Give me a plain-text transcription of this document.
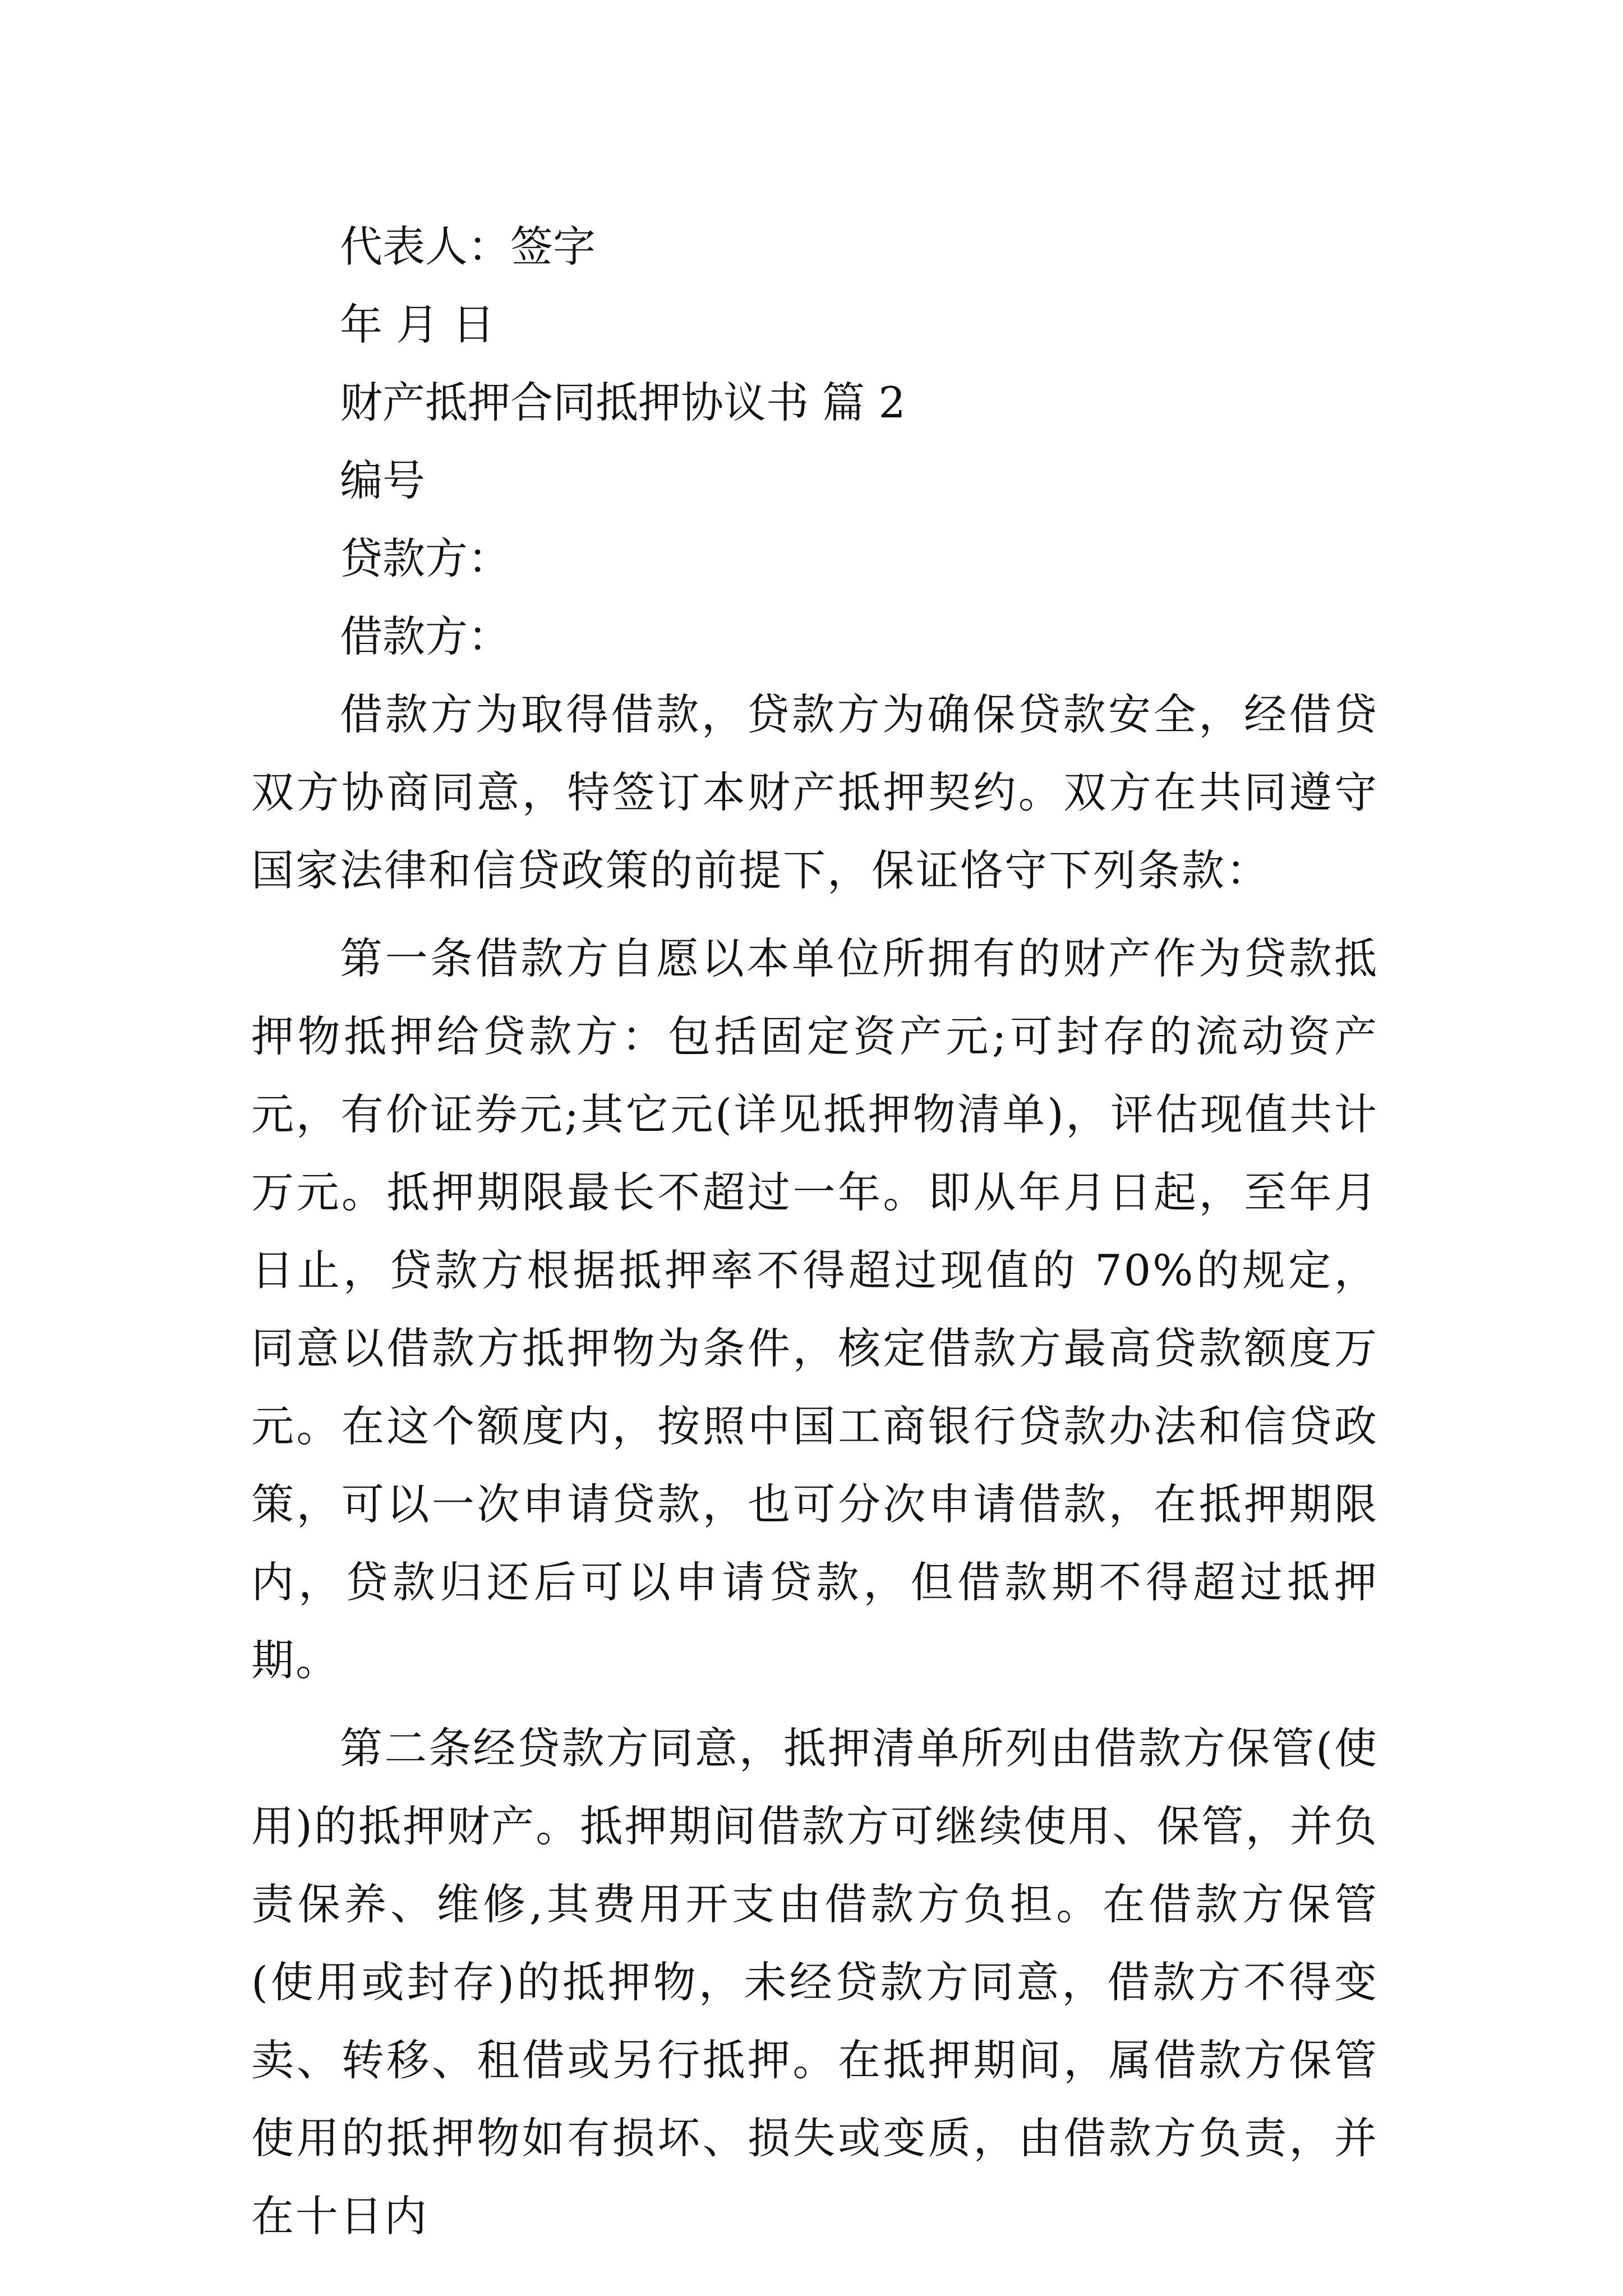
代表人：签字

年 月 日

财产抵押合同抵押协议书 篇 2

编号

贷款方：

借款方：

借款方为取得借款，贷款方为确保贷款安全，经借贷双方协商同意，特签订本财产抵押契约。双方在共同遵守国家法律和信贷政策的前提下，保证恪守下列条款：

第一条借款方自愿以本单位所拥有的财产作为贷款抵押物抵押给贷款方：包括固定资产元;可封存的流动资产元，有价证券元;其它元(详见抵押物清单)，评估现值共计万元。抵押期限最长不超过一年。即从年月日起，至年月日止，贷款方根据抵押率不得超过现值的 70%的规定，同意以借款方抵押物为条件，核定借款方最高贷款额度万元。在这个额度内，按照中国工商银行贷款办法和信贷政策，可以一次申请贷款，也可分次申请借款，在抵押期限内，贷款归还后可以申请贷款，但借款期不得超过抵押期。

第二条经贷款方同意，抵押清单所列由借款方保管(使用)的抵押财产。抵押期间借款方可继续使用、保管，并负责保养、维修,其费用开支由借款方负担。在借款方保管(使用或封存)的抵押物，未经贷款方同意，借款方不得变卖、转移、租借或另行抵押。在抵押期间，属借款方保管使用的抵押物如有损坏、损失或变质，由借款方负责，并在十日内
